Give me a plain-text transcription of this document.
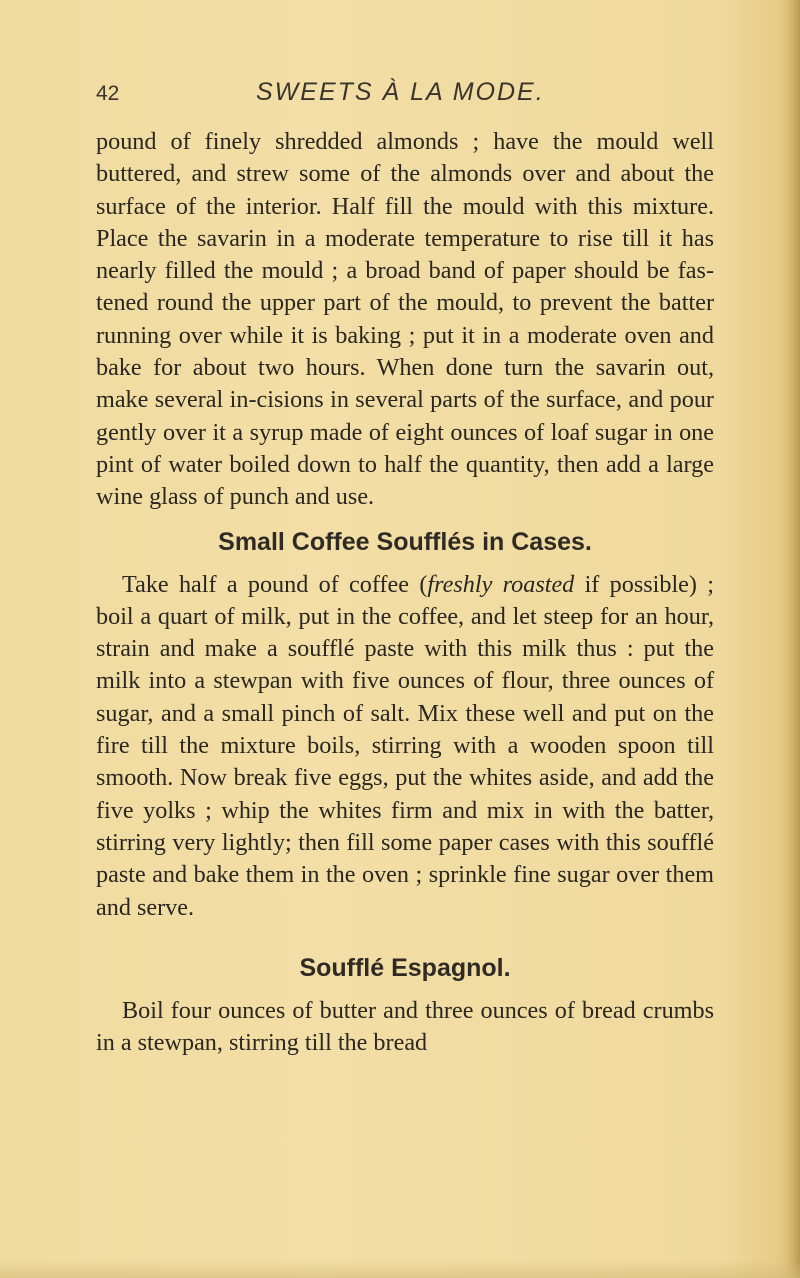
42	SWEETS À LA MODE.

pound of finely shredded almonds ; have the mould well buttered, and strew some of the almonds over and about the surface of the interior. Half fill the mould with this mixture. Place the savarin in a moderate temperature to rise till it has nearly filled the mould ; a broad band of paper should be fas-tened round the upper part of the mould, to prevent the batter running over while it is baking ; put it in a moderate oven and bake for about two hours. When done turn the savarin out, make several in-cisions in several parts of the surface, and pour gently over it a syrup made of eight ounces of loaf sugar in one pint of water boiled down to half the quantity, then add a large wine glass of punch and use.

Small Coffee Soufflés in Cases.

Take half a pound of coffee (freshly roasted if possible) ; boil a quart of milk, put in the coffee, and let steep for an hour, strain and make a soufflé paste with this milk thus : put the milk into a stewpan with five ounces of flour, three ounces of sugar, and a small pinch of salt. Mix these well and put on the fire till the mixture boils, stirring with a wooden spoon till smooth. Now break five eggs, put the whites aside, and add the five yolks ; whip the whites firm and mix in with the batter, stirring very lightly; then fill some paper cases with this soufflé paste and bake them in the oven ; sprinkle fine sugar over them and serve.

Soufflé Espagnol.

Boil four ounces of butter and three ounces of bread crumbs in a stewpan, stirring till the bread
